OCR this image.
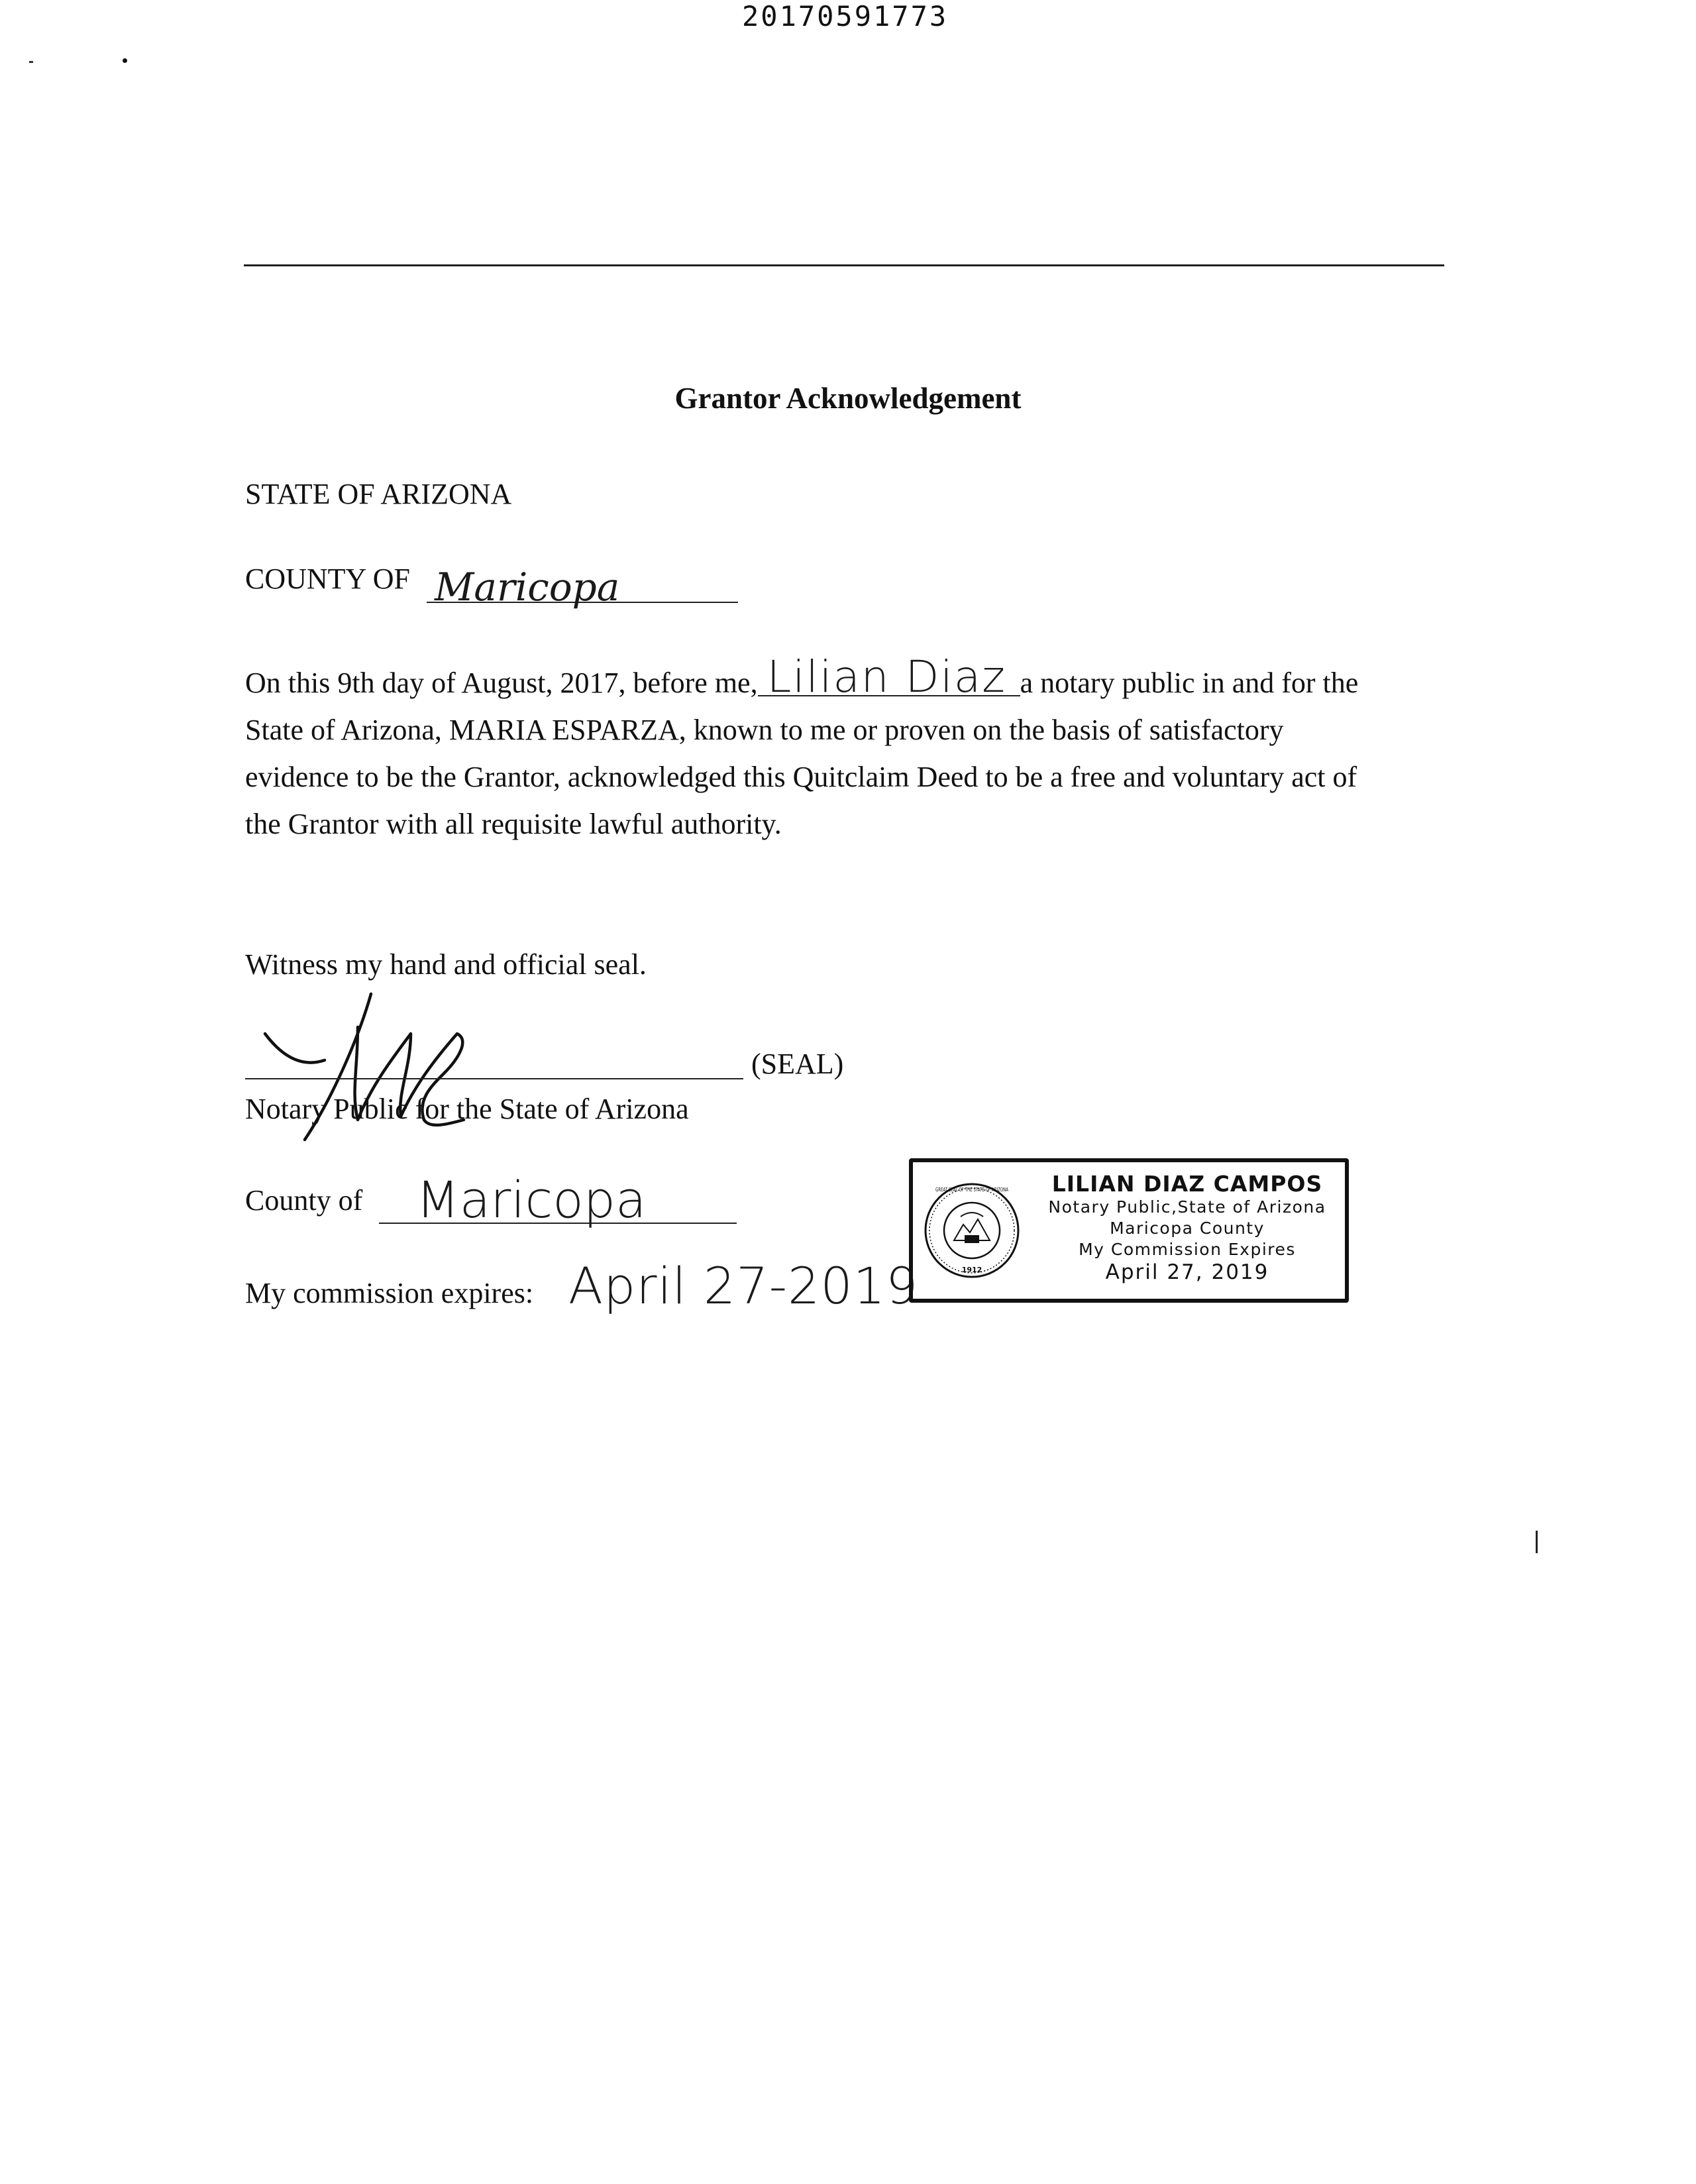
20170591773
Grantor Acknowledgement
STATE OF ARIZONA
COUNTY OF Maricopa
On this 9th day of August, 2017, before me, Lilian Diaz a notary public in and for the
State of Arizona, MARIA ESPARZA, known to me or proven on the basis of satisfactory
evidence to be the Grantor, acknowledged this Quitclaim Deed to be a free and voluntary act of
the Grantor with all requisite lawful authority.
Witness my hand and official seal.
(SEAL)
Notary Public for the State of Arizona
County of Maricopa
My commission expires: April 27-2019	1912
GREAT SEAL OF THE STATE OF ARIZONA	LILIAN DIAZ CAMPOS
Notary Public,State of Arizona
Maricopa County
My Commission Expires
April 27, 2019
